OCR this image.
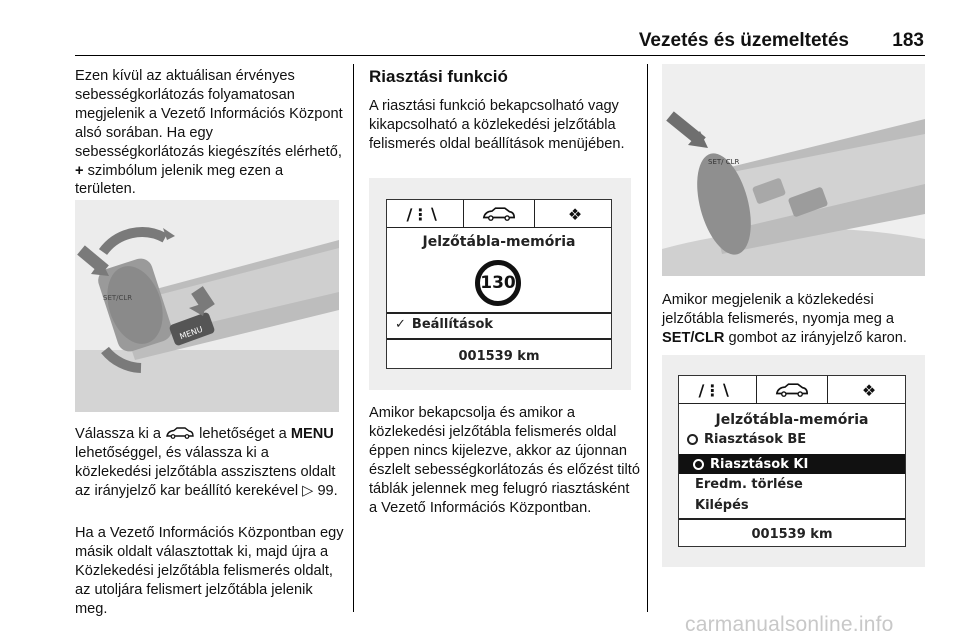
Vezetés és üzemeltetés 183
Ezen kívül az aktuálisan érvényes sebességkorlátozás folyamatosan megjelenik a Vezető Információs Központ alsó sorában. Ha egy sebességkorlátozás kiegészítés elérhető, + szimbólum jelenik meg ezen a területen.
MENU
SET/CLR
Válassza ki a	lehetőséget a MENU lehetőséggel, és válassza ki a közlekedési jelzőtábla asszisztens oldalt az irányjelző kar beállító kerekével ▷ 99.
Ha a Vezető Információs Központban egy másik oldalt választottak ki, majd újra a Közlekedési jelzőtábla felismerés oldalt, az utoljára felismert jelzőtábla jelenik meg.
Riasztási funkció
A riasztási funkció bekapcsolható vagy kikapcsolható a közlekedési jelzőtábla felismerés oldal beállítások menüjében.
∕⋮∖	❖
Jelzőtábla-memória
130
✓ Beállítások
001539 km
Amikor bekapcsolja és amikor a közlekedési jelzőtábla felismerés oldal éppen nincs kijelezve, akkor az újonnan észlelt sebességkorlátozás és előzést tiltó táblák jelennek meg felugró riasztásként a Vezető Információs Központban.
SET/ CLR
Amikor megjelenik a közlekedési jelzőtábla felismerés, nyomja meg a SET/CLR gombot az irányjelző karon.
∕⋮∖	❖
Jelzőtábla-memória
Riasztások BE
Riasztások KI
Eredm. törlése
Kilépés
001539 km
carmanualsonline.info
